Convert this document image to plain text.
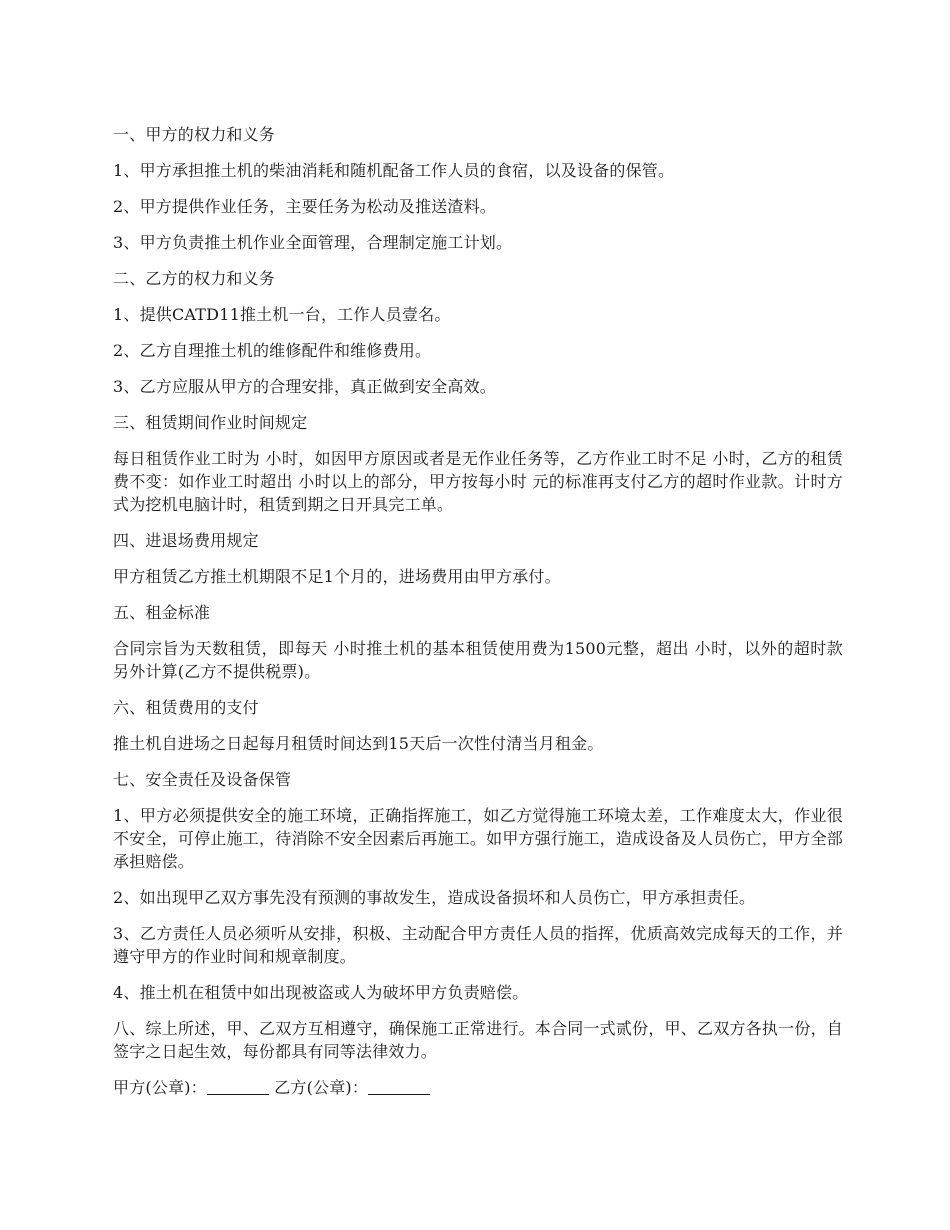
一、甲方的权力和义务

1、甲方承担推土机的柴油消耗和随机配备工作人员的食宿，以及设备的保管。

2、甲方提供作业任务，主要任务为松动及推送渣料。

3、甲方负责推土机作业全面管理，合理制定施工计划。

二、乙方的权力和义务

1、提供CATD11推土机一台，工作人员壹名。

2、乙方自理推土机的维修配件和维修费用。

3、乙方应服从甲方的合理安排，真正做到安全高效。

三、租赁期间作业时间规定

每日租赁作业工时为 小时，如因甲方原因或者是无作业任务等，乙方作业工时不足 小时，乙方的租赁费不变：如作业工时超出 小时以上的部分，甲方按每小时 元的标准再支付乙方的超时作业款。计时方式为挖机电脑计时，租赁到期之日开具完工单。

四、进退场费用规定

甲方租赁乙方推土机期限不足1个月的，进场费用由甲方承付。

五、租金标准

合同宗旨为天数租赁，即每天 小时推土机的基本租赁使用费为1500元整，超出 小时，以外的超时款另外计算(乙方不提供税票)。

六、租赁费用的支付

推土机自进场之日起每月租赁时间达到15天后一次性付清当月租金。

七、安全责任及设备保管

1、甲方必须提供安全的施工环境，正确指挥施工，如乙方觉得施工环境太差，工作难度太大，作业很不安全，可停止施工，待消除不安全因素后再施工。如甲方强行施工，造成设备及人员伤亡，甲方全部承担赔偿。

2、如出现甲乙双方事先没有预测的事故发生，造成设备损坏和人员伤亡，甲方承担责任。

3、乙方责任人员必须听从安排，积极、主动配合甲方责任人员的指挥，优质高效完成每天的工作，并遵守甲方的作业时间和规章制度。

4、推土机在租赁中如出现被盗或人为破坏甲方负责赔偿。

八、综上所述，甲、乙双方互相遵守，确保施工正常进行。本合同一式贰份，甲、乙双方各执一份，自签字之日起生效，每份都具有同等法律效力。

甲方(公章)：	乙方(公章)：
